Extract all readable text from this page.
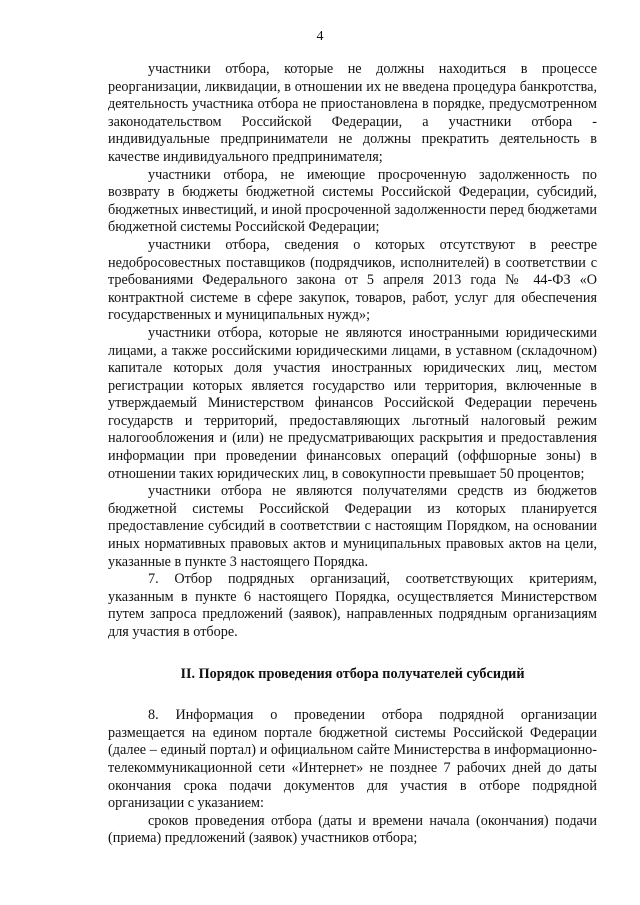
4

участники отбора, которые не должны находиться в процессе реорганизации, ликвидации, в отношении их не введена процедура банкротства, деятельность участника отбора не приостановлена в порядке, предусмотренном законодательством Российской Федерации, а участники отбора - индивидуальные предприниматели не должны прекратить деятельность в качестве индивидуального предпринимателя;

участники отбора, не имеющие просроченную задолженность по возврату в бюджеты бюджетной системы Российской Федерации, субсидий, бюджетных инвестиций, и иной просроченной задолженности перед бюджетами бюджетной системы Российской Федерации;

участники отбора, сведения о которых отсутствуют в реестре недобросовестных поставщиков (подрядчиков, исполнителей) в соответствии с требованиями Федерального закона от 5 апреля 2013 года № 44-ФЗ «О контрактной системе в сфере закупок, товаров, работ, услуг для обеспечения государственных и муниципальных нужд»;

участники отбора, которые не являются иностранными юридическими лицами, а также российскими юридическими лицами, в уставном (складочном) капитале которых доля участия иностранных юридических лиц, местом регистрации которых является государство или территория, включенные в утверждаемый Министерством финансов Российской Федерации перечень государств и территорий, предоставляющих льготный налоговый режим налогообложения и (или) не предусматривающих раскрытия и предоставления информации при проведении финансовых операций (оффшорные зоны) в отношении таких юридических лиц, в совокупности превышает 50 процентов;

участники отбора не являются получателями средств из бюджетов бюджетной системы Российской Федерации из которых планируется предоставление субсидий в соответствии с настоящим Порядком, на основании иных нормативных правовых актов и муниципальных правовых актов на цели, указанные в пункте 3 настоящего Порядка.

7. Отбор подрядных организаций, соответствующих критериям, указанным в пункте 6 настоящего Порядка, осуществляется Министерством путем запроса предложений (заявок), направленных подрядным организациям для участия в отборе.

II. Порядок проведения отбора получателей субсидий

8. Информация о проведении отбора подрядной организации размещается на едином портале бюджетной системы Российской Федерации (далее – единый портал) и официальном сайте Министерства в информационно-телекоммуникационной сети «Интернет» не позднее 7 рабочих дней до даты окончания срока подачи документов для участия в отборе подрядной организации с указанием:

сроков проведения отбора (даты и времени начала (окончания) подачи (приема) предложений (заявок) участников отбора;
